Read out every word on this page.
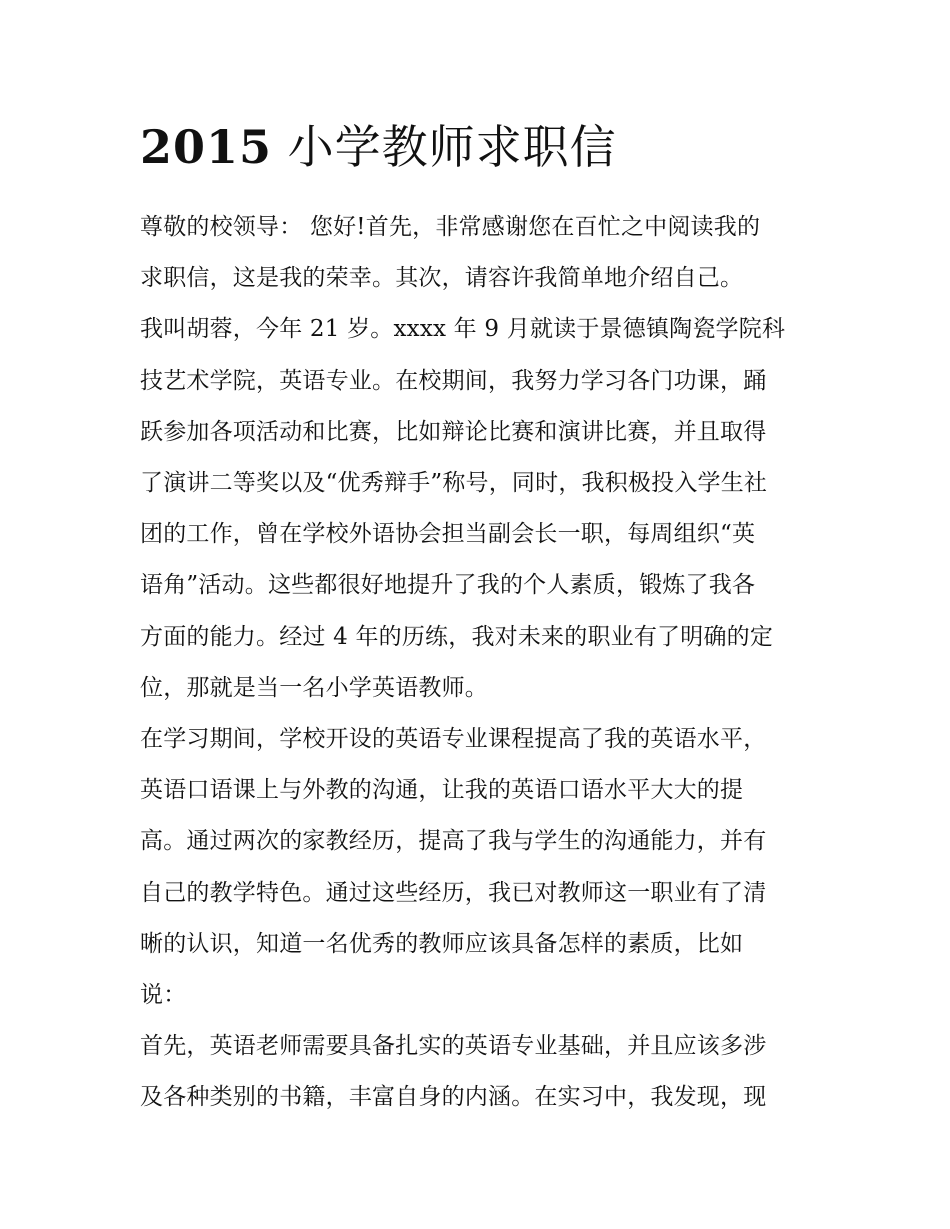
2015 小学教师求职信
尊敬的校领导： 您好!首先，非常感谢您在百忙之中阅读我的
求职信，这是我的荣幸。其次，请容许我简单地介绍自己。
我叫胡蓉，今年 21 岁。xxxx 年 9 月就读于景德镇陶瓷学院科
技艺术学院，英语专业。在校期间，我努力学习各门功课，踊
跃参加各项活动和比赛，比如辩论比赛和演讲比赛，并且取得
了演讲二等奖以及“优秀辩手”称号，同时，我积极投入学生社
团的工作，曾在学校外语协会担当副会长一职，每周组织“英
语角”活动。这些都很好地提升了我的个人素质，锻炼了我各
方面的能力。经过 4 年的历练，我对未来的职业有了明确的定
位，那就是当一名小学英语教师。
在学习期间，学校开设的英语专业课程提高了我的英语水平，
英语口语课上与外教的沟通，让我的英语口语水平大大的提
高。通过两次的家教经历，提高了我与学生的沟通能力，并有
自己的教学特色。通过这些经历，我已对教师这一职业有了清
晰的认识，知道一名优秀的教师应该具备怎样的素质，比如
说：
首先，英语老师需要具备扎实的英语专业基础，并且应该多涉
及各种类别的书籍，丰富自身的内涵。在实习中，我发现，现
